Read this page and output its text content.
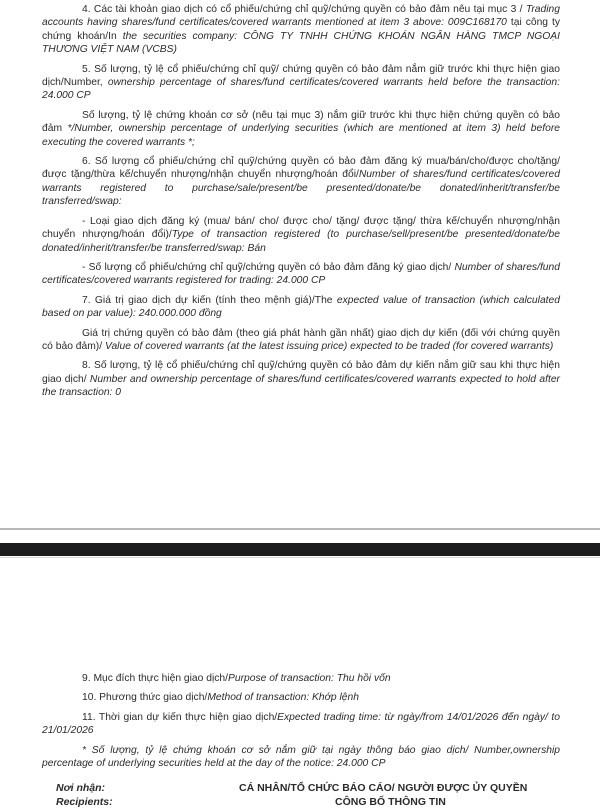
4. Các tài khoản giao dịch có cổ phiếu/chứng chỉ quỹ/chứng quyền có bảo đảm nêu tại mục 3 / Trading accounts having shares/fund certificates/covered warrants mentioned at item 3 above: 009C168170 tại công ty chứng khoán/In the securities company: CÔNG TY TNHH CHỨNG KHOÁN NGÂN HÀNG TMCP NGOẠI THƯƠNG VIỆT NAM (VCBS)

5. Số lượng, tỷ lệ cổ phiếu/chứng chỉ quỹ/ chứng quyền có bảo đảm nắm giữ trước khi thực hiện giao dịch/Number, ownership percentage of shares/fund certificates/covered warrants held before the transaction: 24.000 CP

Số lượng, tỷ lệ chứng khoán cơ sở (nêu tại mục 3) nắm giữ trước khi thực hiện chứng quyền có bảo đảm */Number, ownership percentage of underlying securities (which are mentioned at item 3) held before executing the covered warrants *;

6. Số lượng cổ phiếu/chứng chỉ quỹ/chứng quyền có bảo đảm đăng ký mua/bán/cho/được cho/tặng/được tặng/thừa kế/chuyển nhượng/nhận chuyển nhượng/hoán đổi/Number of shares/fund certificates/covered warrants registered to purchase/sale/present/be presented/donate/be donated/inherit/transfer/be transferred/swap:

- Loại giao dịch đăng ký (mua/ bán/ cho/ được cho/ tặng/ được tặng/ thừa kế/chuyển nhượng/nhận chuyển nhượng/hoán đổi)/Type of transaction registered (to purchase/sell/present/be presented/donate/be donated/inherit/transfer/be transferred/swap: Bán

- Số lượng cổ phiếu/chứng chỉ quỹ/chứng quyền có bảo đảm đăng ký giao dịch/ Number of shares/fund certificates/covered warrants registered for trading: 24.000 CP

7. Giá trị giao dịch dự kiến (tính theo mệnh giá)/The expected value of transaction (which calculated based on par value): 240.000.000 đồng

Giá trị chứng quyền có bảo đảm (theo giá phát hành gần nhất) giao dịch dự kiến (đối với chứng quyền có bảo đảm)/ Value of covered warrants (at the latest issuing price) expected to be traded (for covered warrants)

8. Số lượng, tỷ lệ cổ phiếu/chứng chỉ quỹ/chứng quyền có bảo đảm dự kiến nắm giữ sau khi thực hiện giao dịch/ Number and ownership percentage of shares/fund certificates/covered warrants expected to hold after the transaction: 0

9. Mục đích thực hiện giao dịch/Purpose of transaction: Thu hồi vốn

10. Phương thức giao dịch/Method of transaction: Khớp lệnh

11. Thời gian dự kiến thực hiện giao dịch/Expected trading time: từ ngày/from 14/01/2026 đến ngày/ to 21/01/2026

* Số lượng, tỷ lệ chứng khoán cơ sở nắm giữ tại ngày thông báo giao dịch/ Number,ownership percentage of underlying securities held at the day of the notice: 24.000 CP

Nơi nhận:
Recipients:
CÁ NHÂN/TỔ CHỨC BÁO CÁO/ NGƯỜI ĐƯỢC ỦY QUYỀN
CÔNG BỐ THÔNG TIN
